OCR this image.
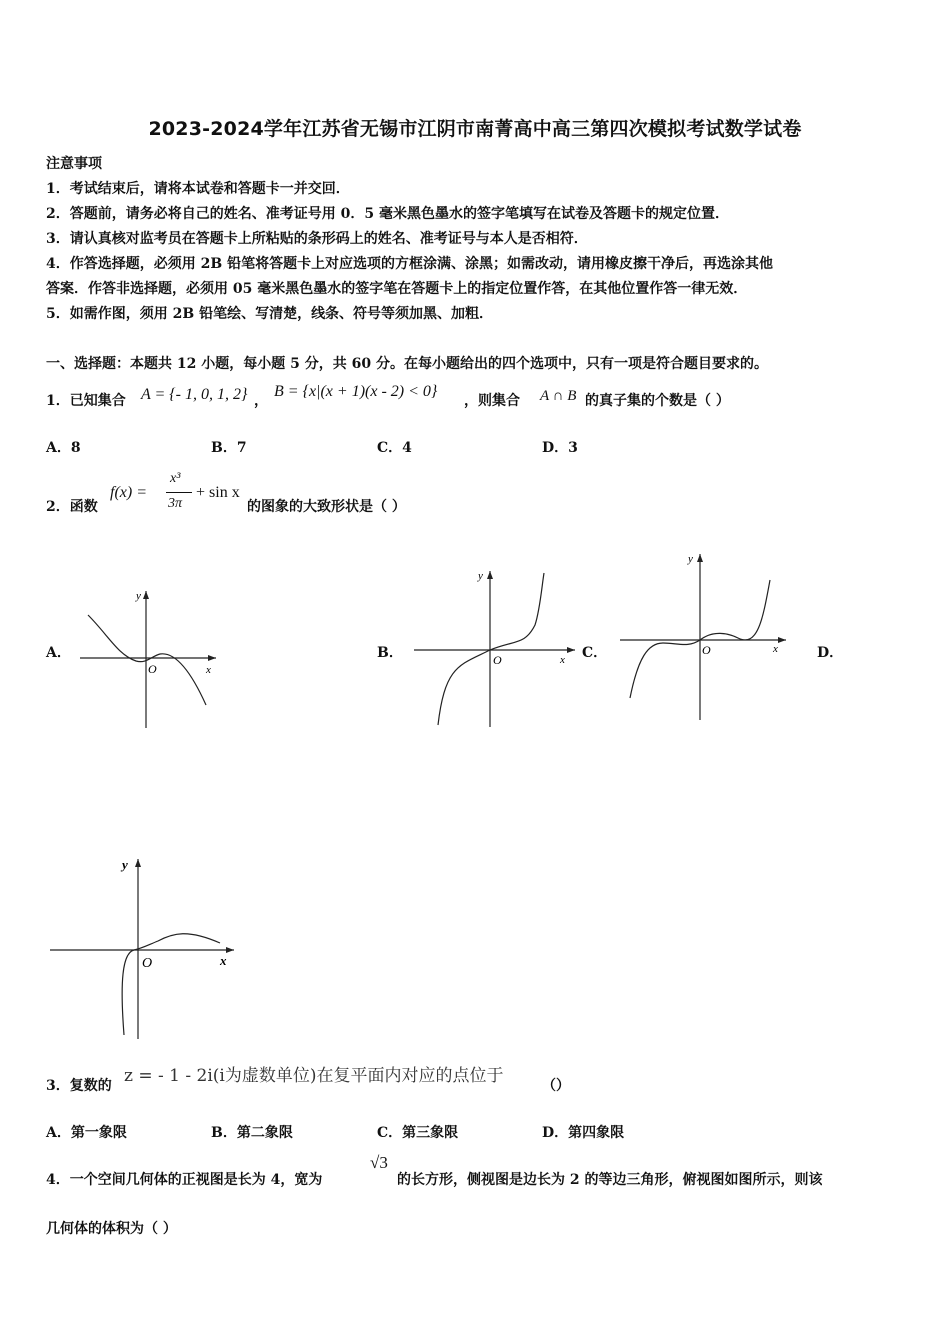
2023-2024学年江苏省无锡市江阴市南菁高中高三第四次模拟考试数学试卷
注意事项
1．考试结束后，请将本试卷和答题卡一并交回．
2．答题前，请务必将自己的姓名、准考证号用 0．5 毫米黑色墨水的签字笔填写在试卷及答题卡的规定位置．
3．请认真核对监考员在答题卡上所粘贴的条形码上的姓名、准考证号与本人是否相符．
4．作答选择题，必须用 2B 铅笔将答题卡上对应选项的方框涂满、涂黑；如需改动，请用橡皮擦干净后，再选涂其他
答案．作答非选择题，必须用 05 毫米黑色墨水的签字笔在答题卡上的指定位置作答，在其他位置作答一律无效．
5．如需作图，须用 2B 铅笔绘、写清楚，线条、符号等须加黑、加粗．
一、选择题：本题共 12 小题，每小题 5 分，共 60 分。在每小题给出的四个选项中，只有一项是符合题目要求的。
1．已知集合 A = {- 1, 0, 1, 2} ，
B = {x|(x + 1)(x - 2) < 0}
，则集合 A ∩ B 的真子集的个数是（ ）
A．8	B．7	C．4	D．3
2．函数
f(x) =
x³
3π
+ sin x
的图象的大致形状是（ ）
A．	B．	C．	D．
y
x
O
y
x
O
y
x
O
y
x
O
3．复数的 z = - 1 - 2i(i为虚数单位)在复平面内对应的点位于	（）
A．第一象限	B．第二象限	C．第三象限	D．第四象限
4．一个空间几何体的正视图是长为 4，宽为
√3
的长方形，侧视图是边长为 2 的等边三角形，俯视图如图所示，则该
几何体的体积为（ ）
